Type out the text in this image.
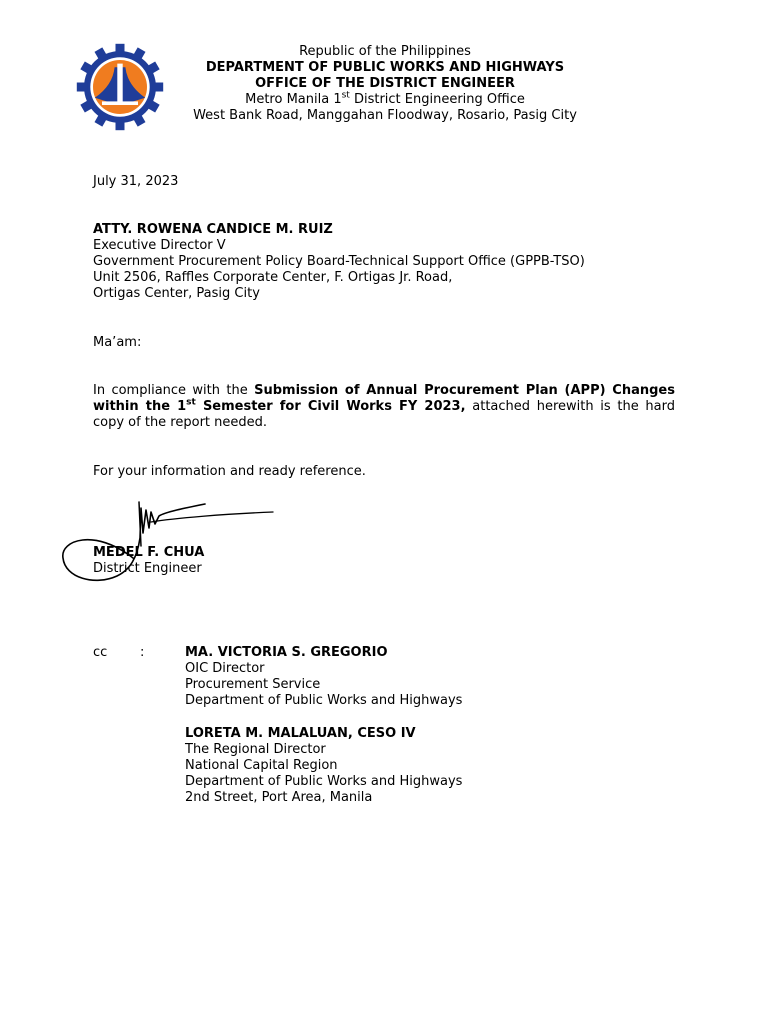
Republic of the Philippines
DEPARTMENT OF PUBLIC WORKS AND HIGHWAYS
OFFICE OF THE DISTRICT ENGINEER
Metro Manila 1st District Engineering Office
West Bank Road, Manggahan Floodway, Rosario, Pasig City
July 31, 2023
ATTY. ROWENA CANDICE M. RUIZ
Executive Director V
Government Procurement Policy Board-Technical Support Office (GPPB-TSO)
Unit 2506, Raffles Corporate Center, F. Ortigas Jr. Road,
Ortigas Center, Pasig City
Ma’am:
In compliance with the Submission of Annual Procurement Plan (APP) Changes within the 1st Semester for Civil Works FY 2023, attached herewith is the hard copy of the report needed.
For your information and ready reference.
MEDEL F. CHUA
District Engineer
cc	:	MA. VICTORIA S. GREGORIO
OIC Director
Procurement Service
Department of Public Works and Highways
LORETA M. MALALUAN, CESO IV
The Regional Director
National Capital Region
Department of Public Works and Highways
2nd Street, Port Area, Manila
